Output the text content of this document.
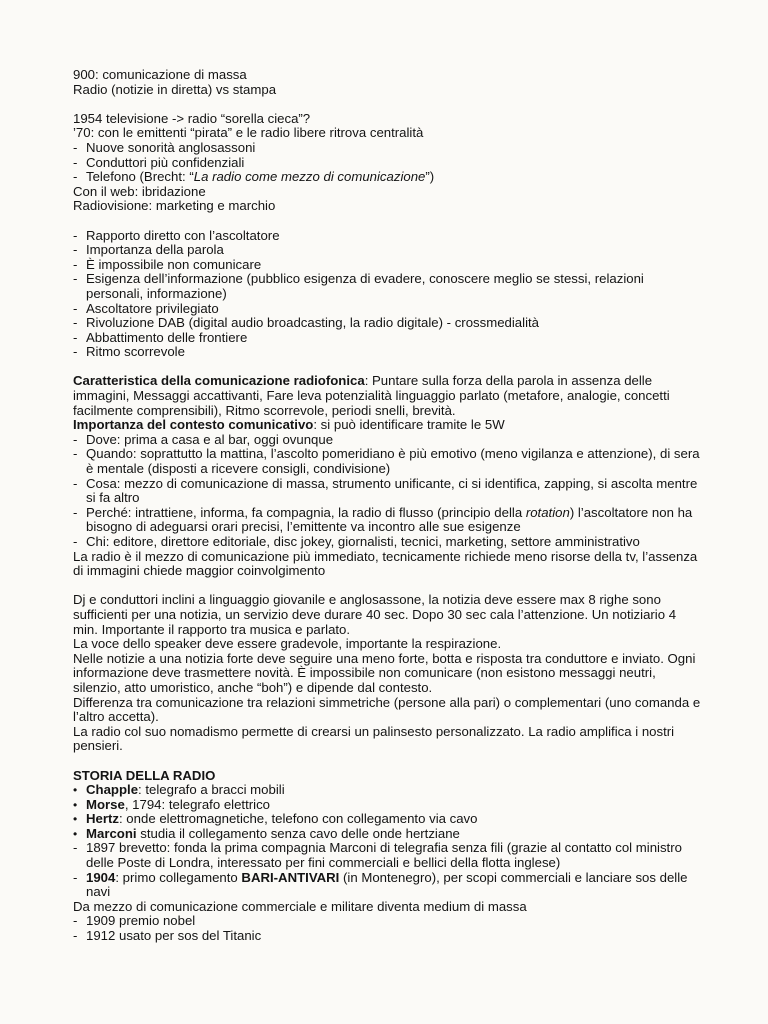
900: comunicazione di massa
Radio (notizie in diretta) vs stampa
1954 televisione -> radio “sorella cieca”?
’70: con le emittenti “pirata” e le radio libere ritrova centralità
- Nuove sonorità anglosassoni
- Conduttori più confidenziali
- Telefono (Brecht: “La radio come mezzo di comunicazione”)
Con il web: ibridazione
Radiovisione: marketing e marchio
- Rapporto diretto con l’ascoltatore
- Importanza della parola
- È impossibile non comunicare
- Esigenza dell’informazione (pubblico esigenza di evadere, conoscere meglio se stessi, relazioni personali, informazione)
- Ascoltatore privilegiato
- Rivoluzione DAB (digital audio broadcasting, la radio digitale) - crossmedialità
- Abbattimento delle frontiere
- Ritmo scorrevole
Caratteristica della comunicazione radiofonica: Puntare sulla forza della parola in assenza delle immagini, Messaggi accattivanti, Fare leva potenzialità linguaggio parlato (metafore, analogie, concetti facilmente comprensibili), Ritmo scorrevole, periodi snelli, brevità.
Importanza del contesto comunicativo: si può identificare tramite le 5W
- Dove: prima a casa e al bar, oggi ovunque
- Quando: soprattutto la mattina, l’ascolto pomeridiano è più emotivo (meno vigilanza e attenzione), di sera è mentale (disposti a ricevere consigli, condivisione)
- Cosa: mezzo di comunicazione di massa, strumento unificante, ci si identifica, zapping, si ascolta mentre si fa altro
- Perché: intrattiene, informa, fa compagnia, la radio di flusso (principio della rotation) l’ascoltatore non ha bisogno di adeguarsi orari precisi, l’emittente va incontro alle sue esigenze
- Chi: editore, direttore editoriale, disc jokey, giornalisti, tecnici, marketing, settore amministrativo
La radio è il mezzo di comunicazione più immediato, tecnicamente richiede meno risorse della tv, l’assenza di immagini chiede maggior coinvolgimento
Dj e conduttori inclini a linguaggio giovanile e anglosassone, la notizia deve essere max 8 righe sono sufficienti per una notizia, un servizio deve durare 40 sec. Dopo 30 sec cala l’attenzione. Un notiziario 4 min. Importante il rapporto tra musica e parlato.
La voce dello speaker deve essere gradevole, importante la respirazione.
Nelle notizie a una notizia forte deve seguire una meno forte, botta e risposta tra conduttore e inviato. Ogni informazione deve trasmettere novità. È impossibile non comunicare (non esistono messaggi neutri, silenzio, atto umoristico, anche “boh”) e dipende dal contesto.
Differenza tra comunicazione tra relazioni simmetriche (persone alla pari) o complementari (uno comanda e l’altro accetta).
La radio col suo nomadismo permette di crearsi un palinsesto personalizzato. La radio amplifica i nostri pensieri.
STORIA DELLA RADIO
• Chapple: telegrafo a bracci mobili
• Morse, 1794: telegrafo elettrico
• Hertz: onde elettromagnetiche, telefono con collegamento via cavo
• Marconi studia il collegamento senza cavo delle onde hertziane
- 1897 brevetto: fonda la prima compagnia Marconi di telegrafia senza fili (grazie al contatto col ministro delle Poste di Londra, interessato per fini commerciali e bellici della flotta inglese)
- 1904: primo collegamento BARI-ANTIVARI (in Montenegro), per scopi commerciali e lanciare sos delle navi
Da mezzo di comunicazione commerciale e militare diventa medium di massa
- 1909 premio nobel
- 1912 usato per sos del Titanic
